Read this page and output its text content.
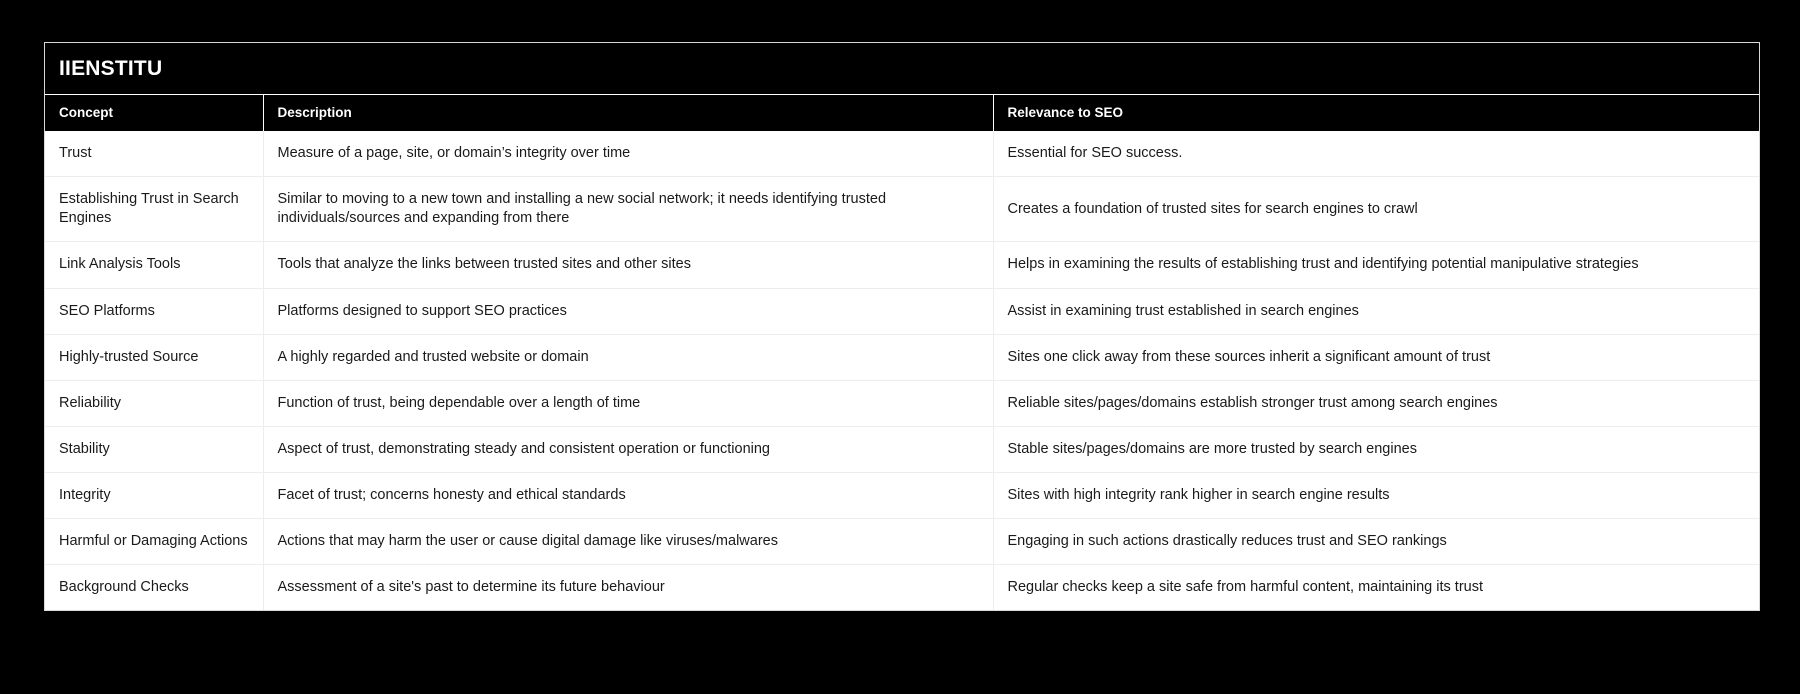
IIENSTITU
Concept	Description	Relevance to SEO
Trust	Measure of a page, site, or domain’s integrity over time	Essential for SEO success.
Establishing Trust in Search Engines	Similar to moving to a new town and installing a new social network; it needs identifying trusted individuals/sources and expanding from there	Creates a foundation of trusted sites for search engines to crawl
Link Analysis Tools	Tools that analyze the links between trusted sites and other sites	Helps in examining the results of establishing trust and identifying potential manipulative strategies
SEO Platforms	Platforms designed to support SEO practices	Assist in examining trust established in search engines
Highly-trusted Source	A highly regarded and trusted website or domain	Sites one click away from these sources inherit a significant amount of trust
Reliability	Function of trust, being dependable over a length of time	Reliable sites/pages/domains establish stronger trust among search engines
Stability	Aspect of trust, demonstrating steady and consistent operation or functioning	Stable sites/pages/domains are more trusted by search engines
Integrity	Facet of trust; concerns honesty and ethical standards	Sites with high integrity rank higher in search engine results
Harmful or Damaging Actions	Actions that may harm the user or cause digital damage like viruses/malwares	Engaging in such actions drastically reduces trust and SEO rankings
Background Checks	Assessment of a site's past to determine its future behaviour	Regular checks keep a site safe from harmful content, maintaining its trust
